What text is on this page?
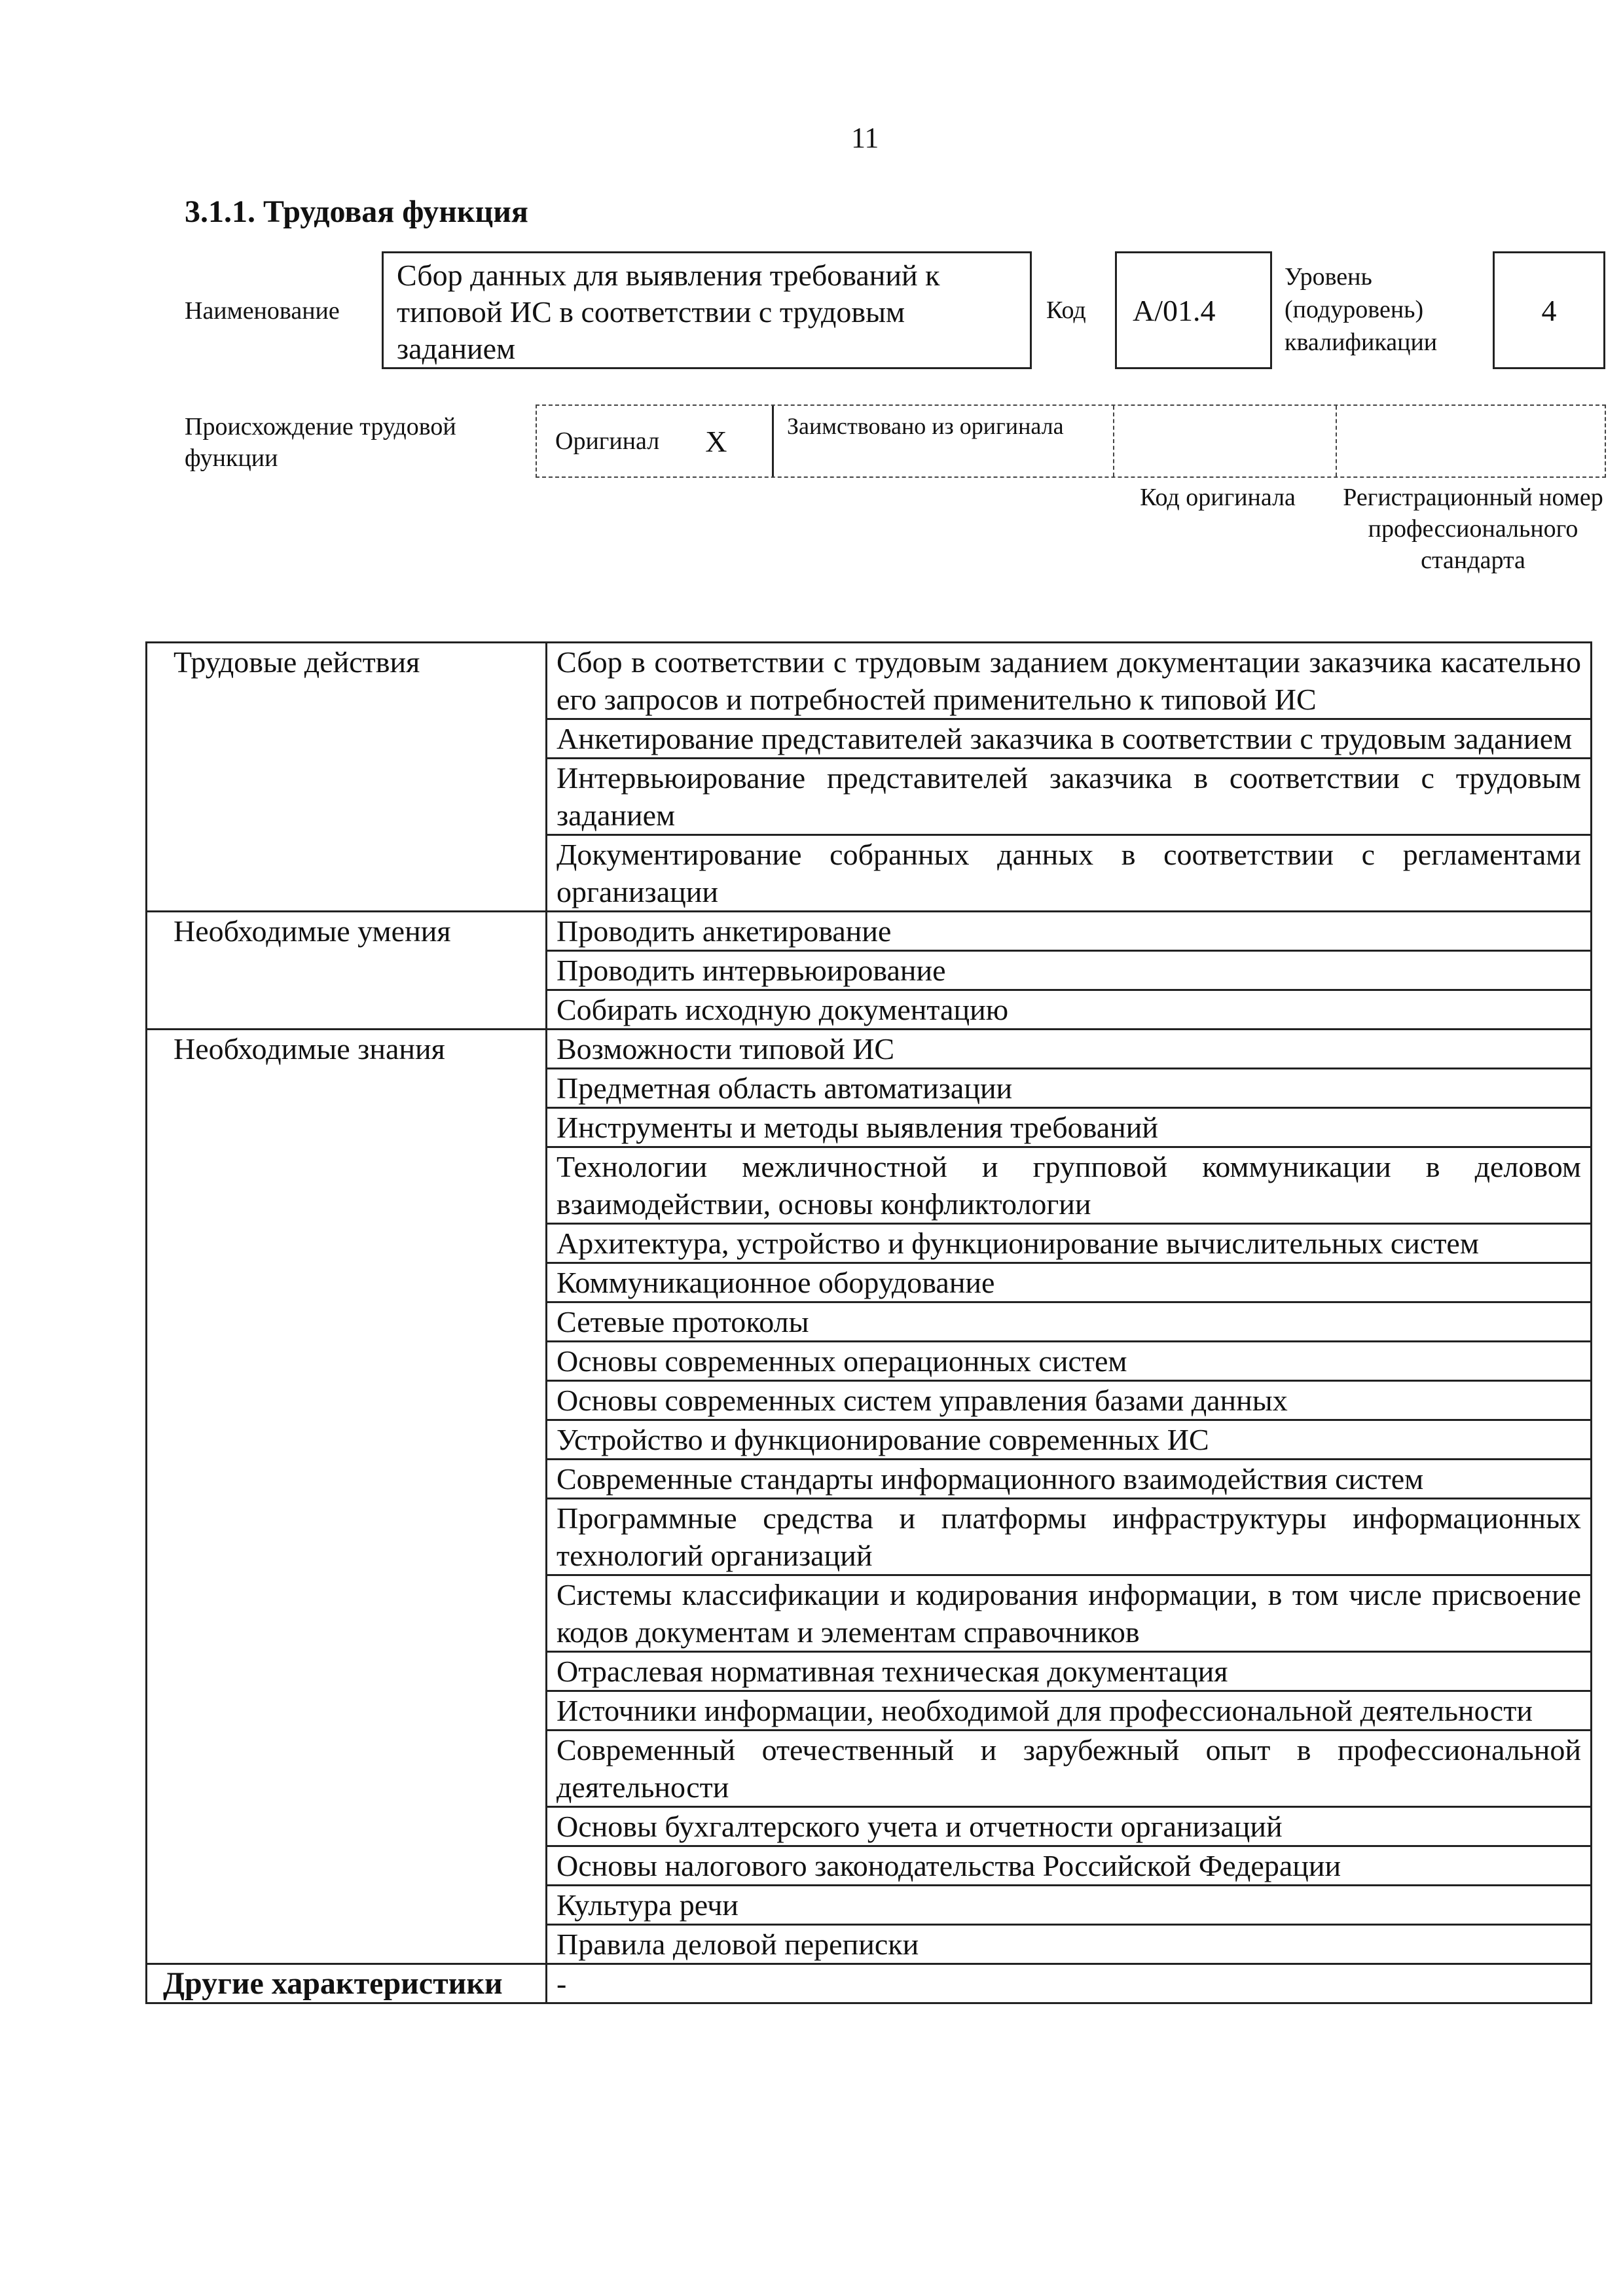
11
3.1.1. Трудовая функция
Наименование
Сбор данных для выявления требований к типовой ИС в соответствии с трудовым заданием
Код	A/01.4
Уровень (подуровень) квалификации
4
Происхождение трудовой функции
Оригинал X	Заимствовано из оригинала
Код оригинала	Регистрационный номер профессионального стандарта
Трудовые действия	Сбор в соответствии с трудовым заданием документации заказчика касательно его запросов и потребностей применительно к типовой ИС
	Анкетирование представителей заказчика в соответствии с трудовым заданием
	Интервьюирование представителей заказчика в соответствии с трудовым заданием
	Документирование собранных данных в соответствии с регламентами организации
Необходимые умения	Проводить анкетирование
	Проводить интервьюирование
	Собирать исходную документацию
Необходимые знания	Возможности типовой ИС
	Предметная область автоматизации
	Инструменты и методы выявления требований
	Технологии межличностной и групповой коммуникации в деловом взаимодействии, основы конфликтологии
	Архитектура, устройство и функционирование вычислительных систем
	Коммуникационное оборудование
	Сетевые протоколы
	Основы современных операционных систем
	Основы современных систем управления базами данных
	Устройство и функционирование современных ИС
	Современные стандарты информационного взаимодействия систем
	Программные средства и платформы инфраструктуры информационных технологий организаций
	Системы классификации и кодирования информации, в том числе присвоение кодов документам и элементам справочников
	Отраслевая нормативная техническая документация
	Источники информации, необходимой для профессиональной деятельности
	Современный отечественный и зарубежный опыт в профессиональной деятельности
	Основы бухгалтерского учета и отчетности организаций
	Основы налогового законодательства Российской Федерации
	Культура речи
	Правила деловой переписки
Другие характеристики	-
